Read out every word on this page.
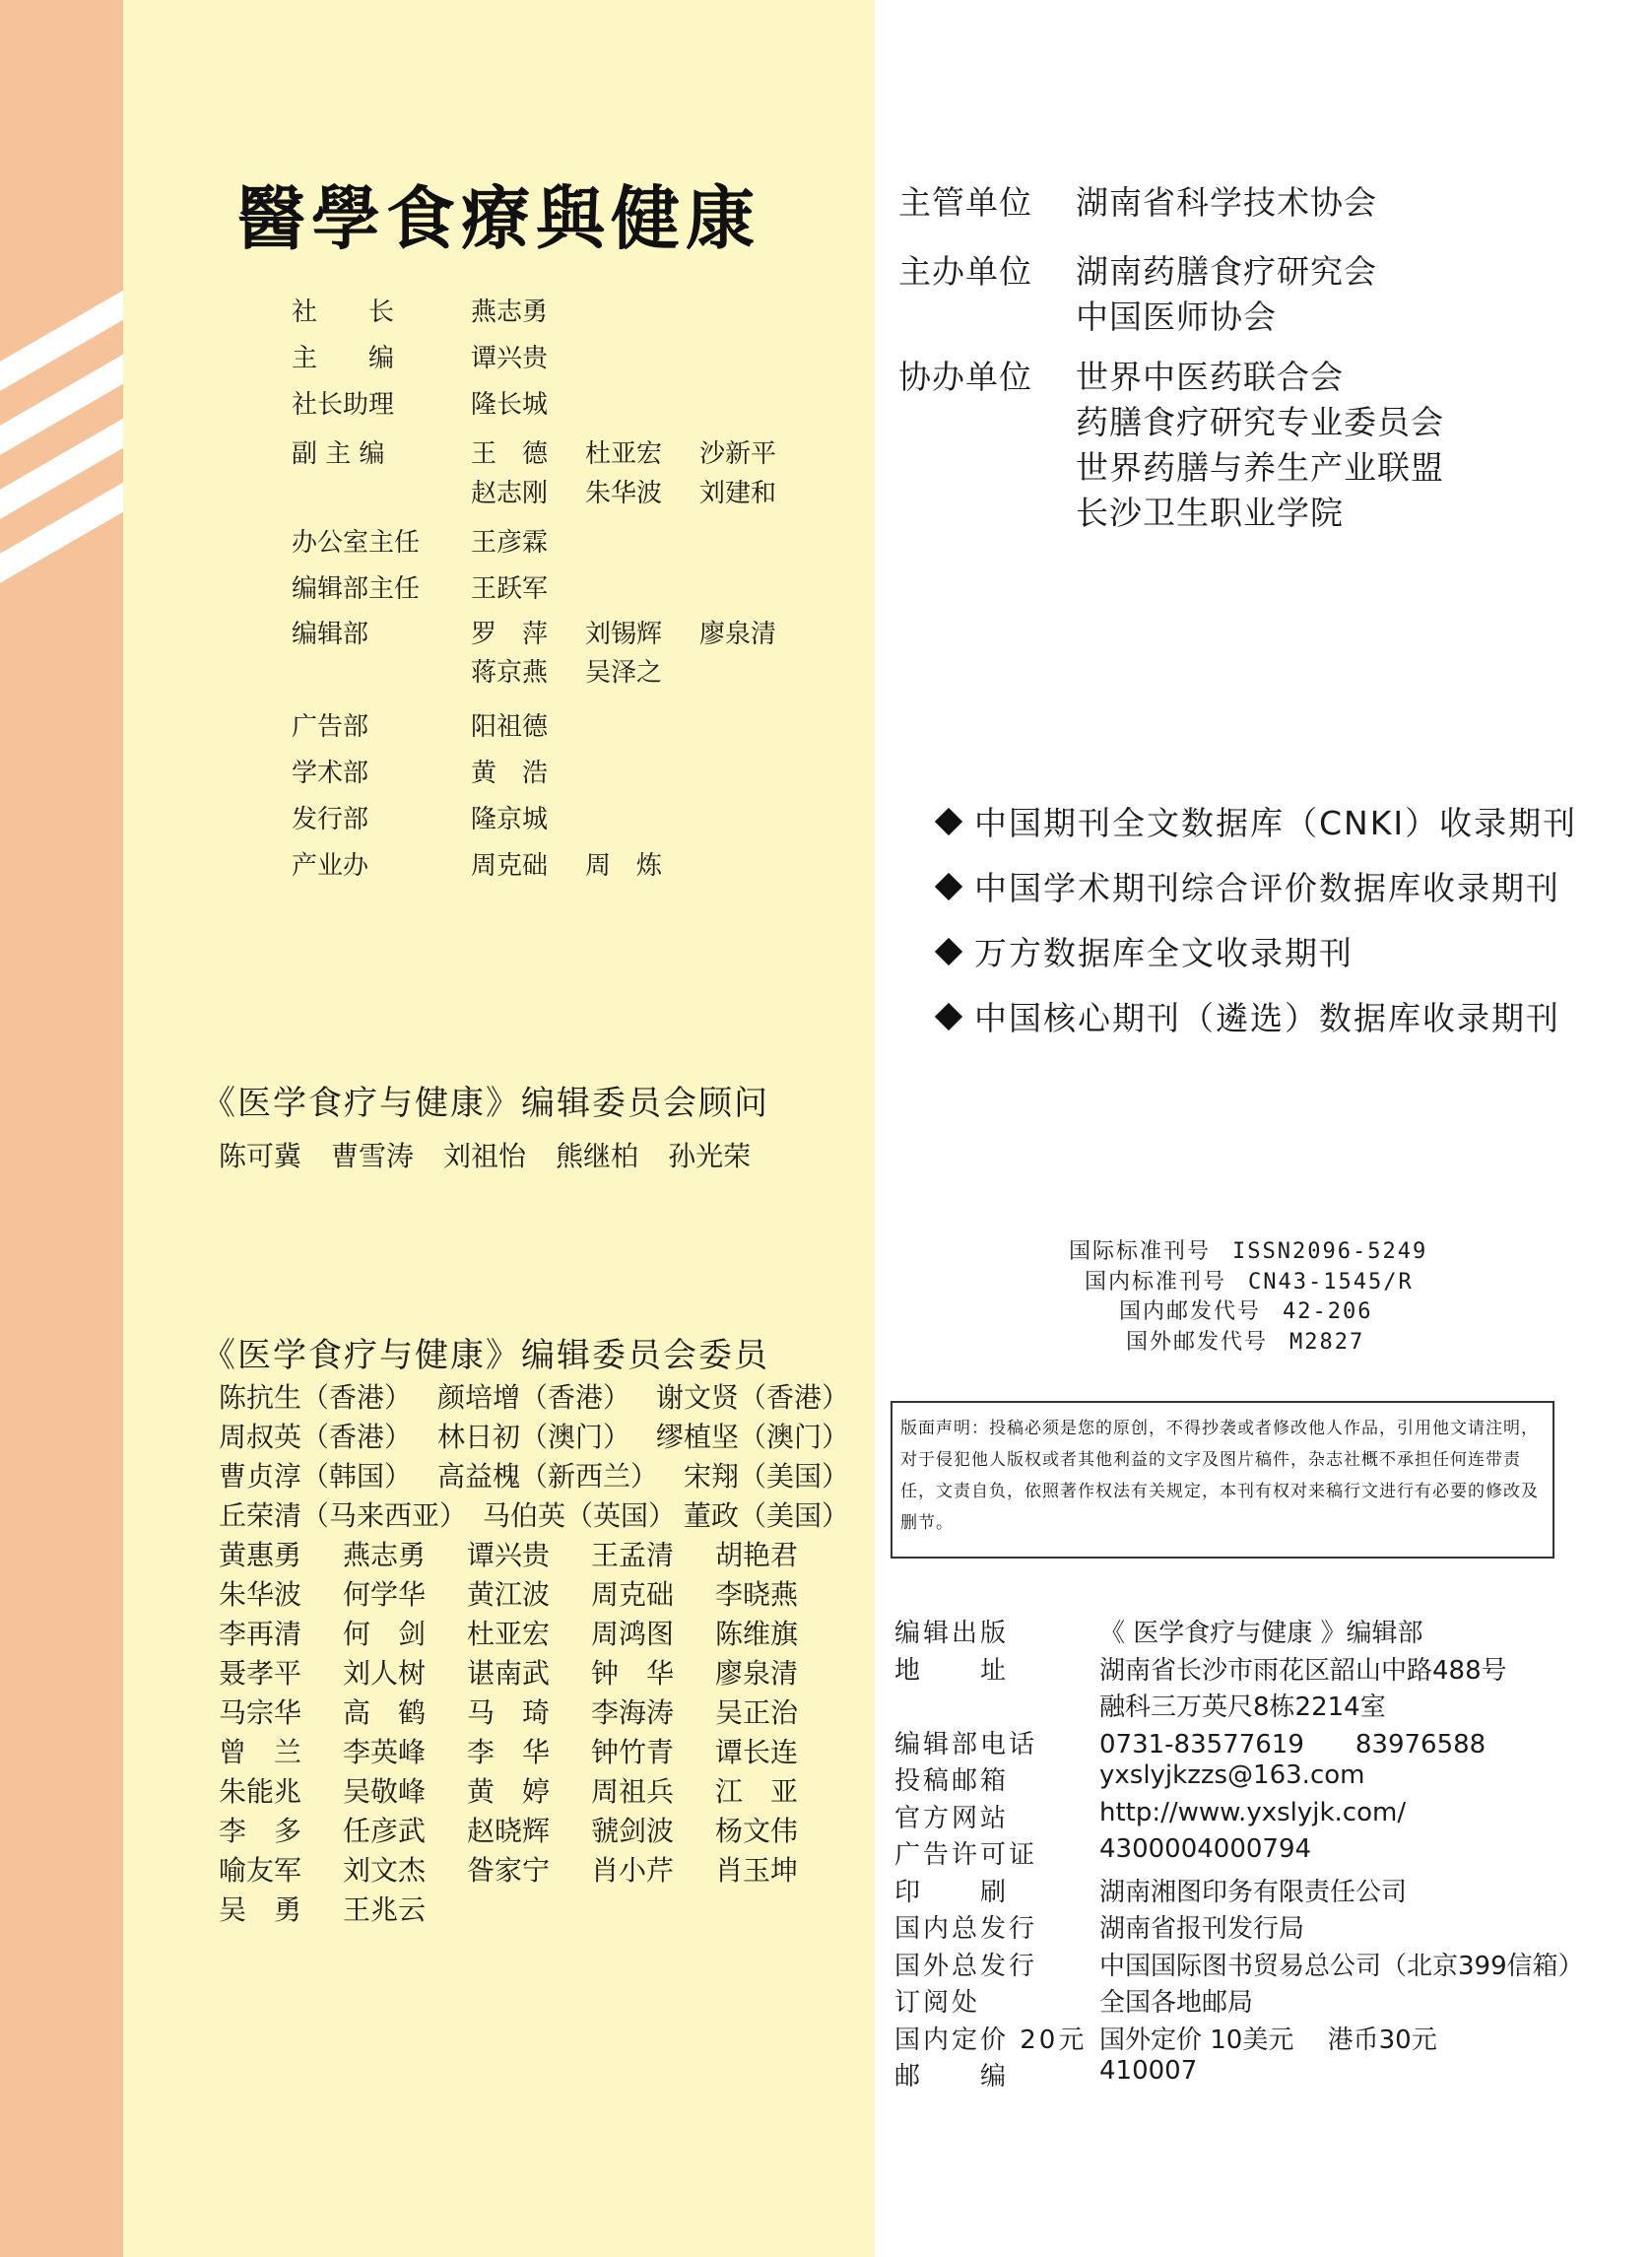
醫學食療與健康
社　　长	燕志勇
主　　编	谭兴贵
社长助理	隆长城
副 主 编	王　德 杜亚宏 沙新平
赵志刚 朱华波 刘建和
办公室主任 王彦霖
编辑部主任 王跃军
编辑部	罗　萍 刘锡辉 廖泉清
蒋京燕 吴泽之
广告部	阳祖德
学术部	黄　浩
发行部	隆京城
产业办	周克础 周　炼
《医学食疗与健康》编辑委员会顾问
陈可冀 曹雪涛 刘祖怡 熊继柏 孙光荣
《医学食疗与健康》编辑委员会委员
陈抗生（香港） 颜培增（香港） 谢文贤（香港）
周叔英（香港） 林日初（澳门） 缪植坚（澳门）
曹贞淳（韩国） 高益槐（新西兰） 宋翔（美国）
丘荣清（马来西亚） 马伯英（英国） 董政（美国）
黄惠勇 燕志勇 谭兴贵 王孟清 胡艳君
朱华波 何学华 黄江波 周克础 李晓燕
李再清 何　剑 杜亚宏 周鸿图 陈维旗
聂孝平 刘人树 谌南武 钟　华 廖泉清
马宗华 高　鹤 马　琦 李海涛 吴正治
曾　兰 李英峰 李　华 钟竹青 谭长连
朱能兆 吴敬峰 黄　婷 周祖兵 江　亚
李　多 任彦武 赵晓辉 虢剑波 杨文伟
喻友军 刘文杰 昝家宁 肖小芹 肖玉坤
吴　勇 王兆云
主管单位 湖南省科学技术协会
主办单位 湖南药膳食疗研究会
中国医师协会
协办单位 世界中医药联合会
药膳食疗研究专业委员会
世界药膳与养生产业联盟
长沙卫生职业学院
中国期刊全文数据库（CNKI）收录期刊
中国学术期刊综合评价数据库收录期刊
万方数据库全文收录期刊
中国核心期刊（遴选）数据库收录期刊
国际标准刊号 ISSN2096-5249
国内标准刊号 CN43-1545/R
国内邮发代号 42-206
国外邮发代号 M2827
版面声明：投稿必须是您的原创，不得抄袭或者修改他人作品，引用他文请注明，对于侵犯他人版权或者其他利益的文字及图片稿件，杂志社概不承担任何连带责任，文责自负，依照著作权法有关规定，本刊有权对来稿行文进行有必要的修改及删节。
编辑出版	《 医学食疗与健康 》编辑部
地　　址	湖南省长沙市雨花区韶山中路488号
融科三万英尺8栋2214室
编辑部电话 0731-83577619　　83976588
投稿邮箱	yxslyjkzzs@163.com
官方网站	http://www.yxslyjk.com/
广告许可证 4300004000794
印　　刷	湖南湘图印务有限责任公司
国内总发行 湖南省报刊发行局
国外总发行 中国国际图书贸易总公司（北京399信箱）
订阅处	全国各地邮局
国内定价 20元 国外定价 10美元　 港币30元
邮　　编	410007
